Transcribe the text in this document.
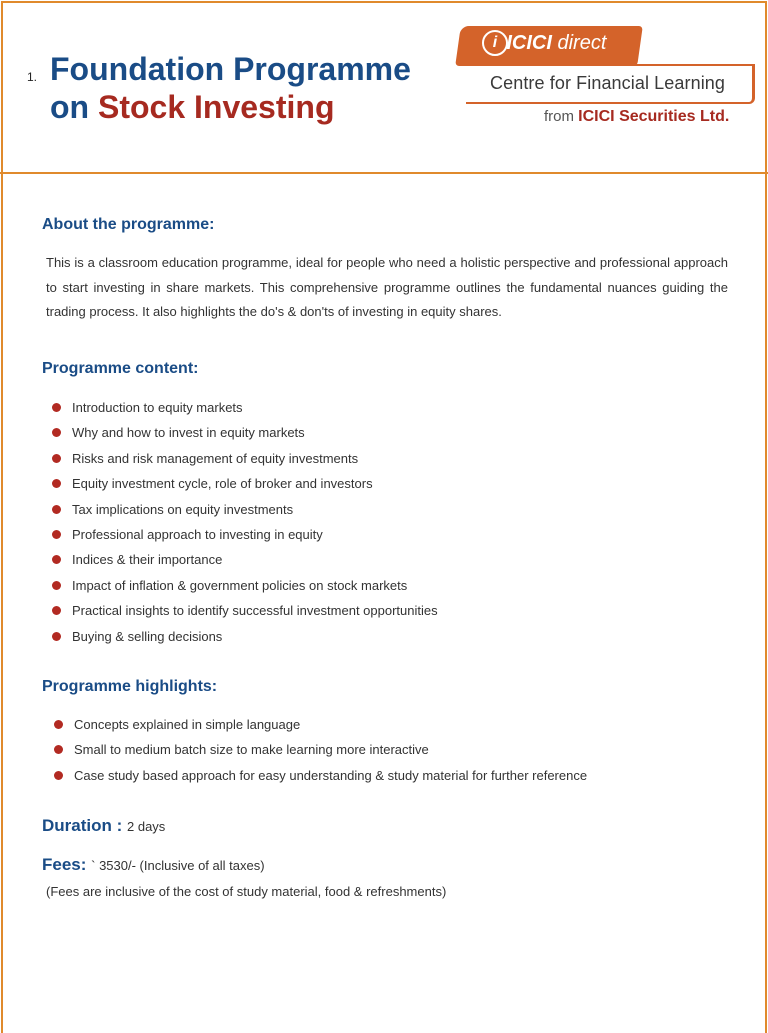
1. Foundation Programme
on Stock Investing
ICICI direct
i
Centre for Financial Learning
from ICICI Securities Ltd.
About the programme:
This is a classroom education programme, ideal for people who need a holistic perspective and professional approach to start investing in share markets. This comprehensive programme outlines the fundamental nuances guiding the trading process. It also highlights the do's & don'ts of investing in equity shares.
Programme content:
Introduction to equity markets
Why and how to invest in equity markets
Risks and risk management of equity investments
Equity investment cycle, role of broker and investors
Tax implications on equity investments
Professional approach to investing in equity
Indices & their importance
Impact of inflation & government policies on stock markets
Practical insights to identify successful investment opportunities
Buying & selling decisions
Programme highlights:
Concepts explained in simple language
Small to medium batch size to make learning more interactive
Case study based approach for easy understanding & study material for further reference
Duration : 2 days
Fees: ` 3530/- (Inclusive of all taxes)
(Fees are inclusive of the cost of study material, food & refreshments)
